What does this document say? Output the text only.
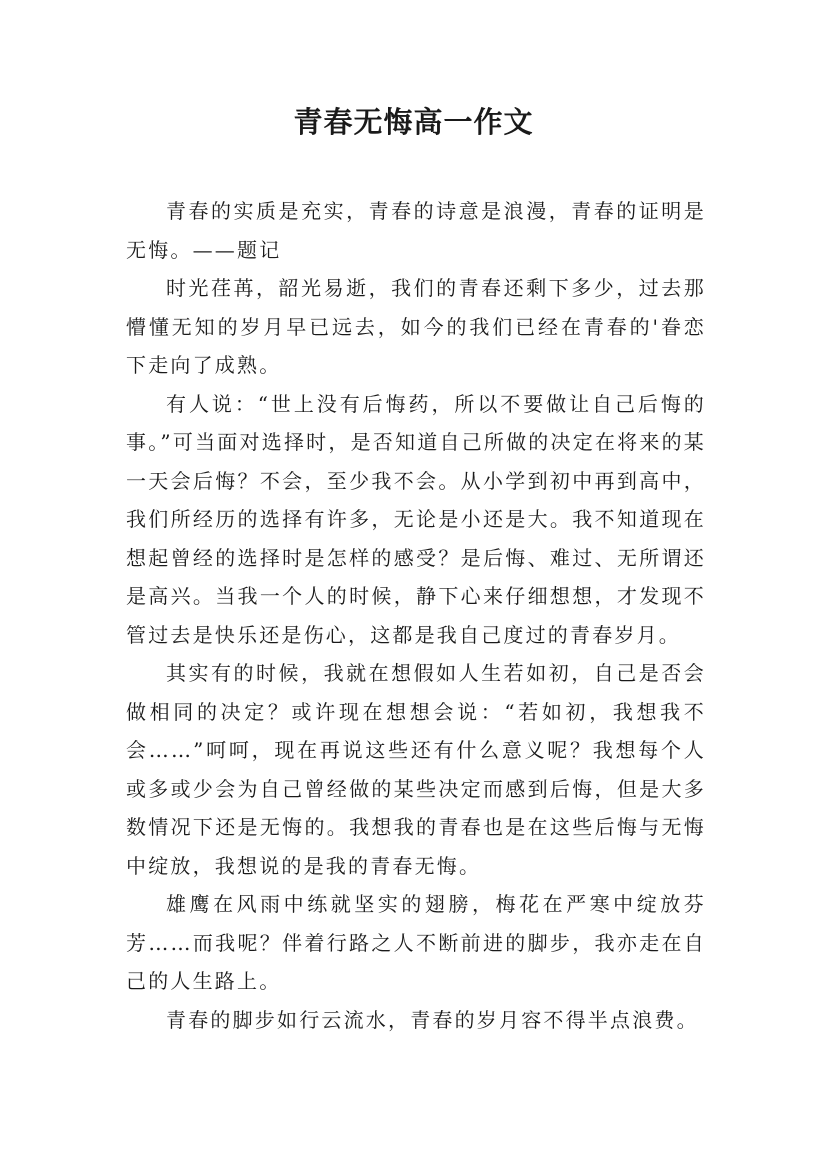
青春无悔高一作文

青春的实质是充实，青春的诗意是浪漫，青春的证明是无悔。——题记

时光荏苒，韶光易逝，我们的青春还剩下多少，过去那懵懂无知的岁月早已远去，如今的我们已经在青春的'眷恋下走向了成熟。

有人说：“世上没有后悔药，所以不要做让自己后悔的事。”可当面对选择时，是否知道自己所做的决定在将来的某一天会后悔？不会，至少我不会。从小学到初中再到高中，我们所经历的选择有许多，无论是小还是大。我不知道现在想起曾经的选择时是怎样的感受？是后悔、难过、无所谓还是高兴。当我一个人的时候，静下心来仔细想想，才发现不管过去是快乐还是伤心，这都是我自己度过的青春岁月。

其实有的时候，我就在想假如人生若如初，自己是否会做相同的决定？或许现在想想会说：“若如初，我想我不会……”呵呵，现在再说这些还有什么意义呢？我想每个人或多或少会为自己曾经做的某些决定而感到后悔，但是大多数情况下还是无悔的。我想我的青春也是在这些后悔与无悔中绽放，我想说的是我的青春无悔。

雄鹰在风雨中练就坚实的翅膀，梅花在严寒中绽放芬芳……而我呢？伴着行路之人不断前进的脚步，我亦走在自己的人生路上。

青春的脚步如行云流水，青春的岁月容不得半点浪费。
